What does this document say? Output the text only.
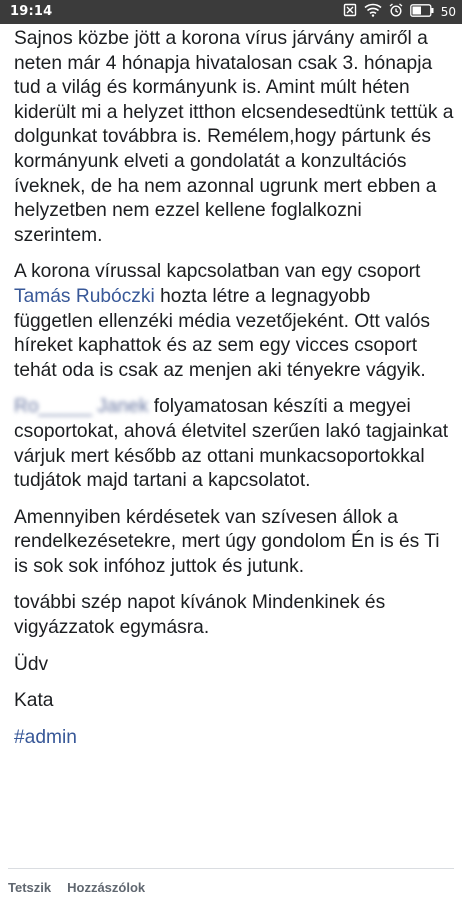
19:14	50

Sajnos közbe jött a korona vírus járvány amiről a neten már 4 hónapja hivatalosan csak 3. hónapja tud a világ és kormányunk is. Amint múlt héten kiderült mi a helyzet itthon elcsendesedtünk tettük a dolgunkat továbbra is. Remélem,hogy pártunk és kormányunk elveti a gondolatát a konzultációs íveknek, de ha nem azonnal ugrunk mert ebben a helyzetben nem ezzel kellene foglalkozni szerintem.

A korona vírussal kapcsolatban van egy csoport Tamás Rubóczki hozta létre a legnagyobb független ellenzéki média vezetőjeként. Ott valós híreket kaphattok és az sem egy vicces csoport tehát oda is csak az menjen aki tényekre vágyik.

Ro_____ Janek folyamatosan készíti a megyei csoportokat, ahová életvitel szerűen lakó tagjainkat várjuk mert később az ottani munkacsoportokkal tudjátok majd tartani a kapcsolatot.

Amennyiben kérdésetek van szívesen állok a rendelkezésetekre, mert úgy gondolom Én is és Ti is sok sok infóhoz juttok és jutunk.

további szép napot kívánok Mindenkinek és vigyázzatok egymásra.

Üdv

Kata

#admin

Tetszik Hozzászólok
